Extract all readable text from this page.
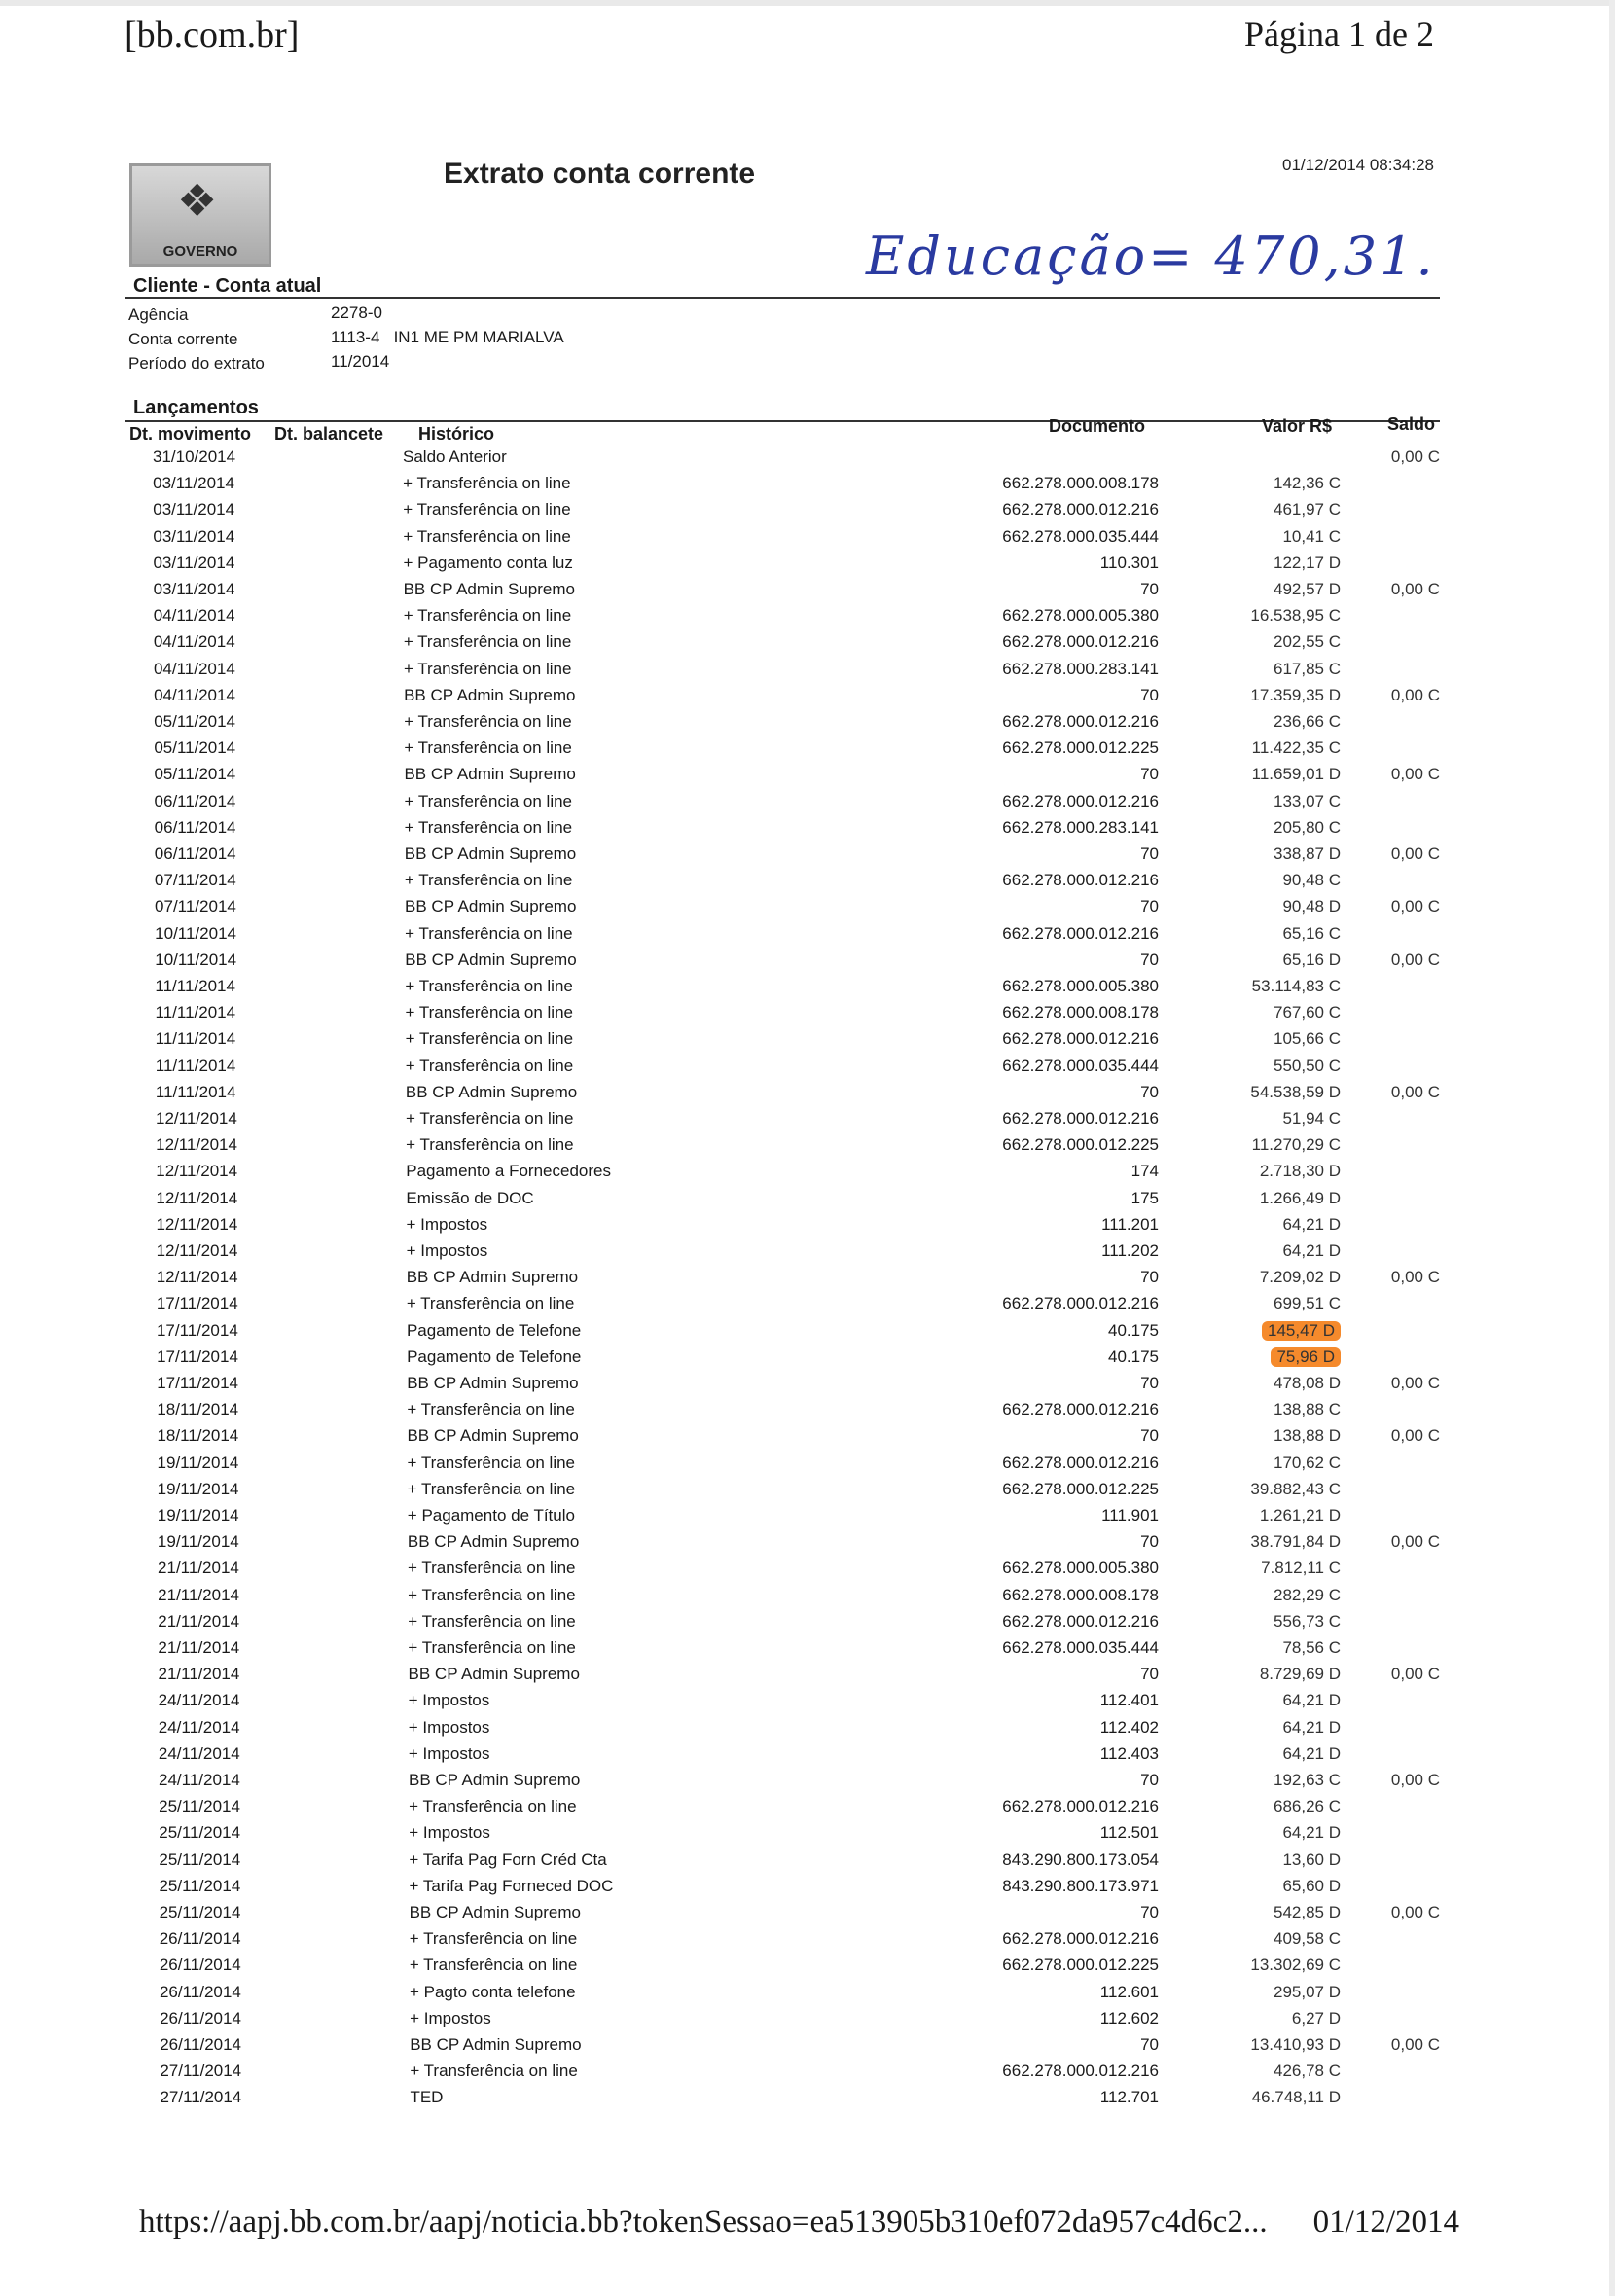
[bb.com.br]	Página 1 de 2
❖
GOVERNO
Extrato conta corrente	01/12/2014 08:34:28
Educação= 470,31.
Cliente - Conta atual
Agência	2278-0
Conta corrente	1113-4   IN1 ME PM MARIALVA
Período do extrato	11/2014
Lançamentos
Dt. movimento Dt. balancete Histórico	Documento	Valor R$	Saldo
31/10/2014	Saldo Anterior	0,00 C
03/11/2014	+ Transferência on line	662.278.000.008.178	142,36 C
03/11/2014	+ Transferência on line	662.278.000.012.216	461,97 C
03/11/2014	+ Transferência on line	662.278.000.035.444	10,41 C
03/11/2014	+ Pagamento conta luz	110.301	122,17 D
03/11/2014	BB CP Admin Supremo	70	492,57 D	0,00 C
04/11/2014	+ Transferência on line	662.278.000.005.380	16.538,95 C
04/11/2014	+ Transferência on line	662.278.000.012.216	202,55 C
04/11/2014	+ Transferência on line	662.278.000.283.141	617,85 C
04/11/2014	BB CP Admin Supremo	70	17.359,35 D	0,00 C
05/11/2014	+ Transferência on line	662.278.000.012.216	236,66 C
05/11/2014	+ Transferência on line	662.278.000.012.225	11.422,35 C
05/11/2014	BB CP Admin Supremo	70	11.659,01 D	0,00 C
06/11/2014	+ Transferência on line	662.278.000.012.216	133,07 C
06/11/2014	+ Transferência on line	662.278.000.283.141	205,80 C
06/11/2014	BB CP Admin Supremo	70	338,87 D	0,00 C
07/11/2014	+ Transferência on line	662.278.000.012.216	90,48 C
07/11/2014	BB CP Admin Supremo	70	90,48 D	0,00 C
10/11/2014	+ Transferência on line	662.278.000.012.216	65,16 C
10/11/2014	BB CP Admin Supremo	70	65,16 D	0,00 C
11/11/2014	+ Transferência on line	662.278.000.005.380	53.114,83 C
11/11/2014	+ Transferência on line	662.278.000.008.178	767,60 C
11/11/2014	+ Transferência on line	662.278.000.012.216	105,66 C
11/11/2014	+ Transferência on line	662.278.000.035.444	550,50 C
11/11/2014	BB CP Admin Supremo	70	54.538,59 D	0,00 C
12/11/2014	+ Transferência on line	662.278.000.012.216	51,94 C
12/11/2014	+ Transferência on line	662.278.000.012.225	11.270,29 C
12/11/2014	Pagamento a Fornecedores	174	2.718,30 D
12/11/2014	Emissão de DOC	175	1.266,49 D
12/11/2014	+ Impostos	111.201	64,21 D
12/11/2014	+ Impostos	111.202	64,21 D
12/11/2014	BB CP Admin Supremo	70	7.209,02 D	0,00 C
17/11/2014	+ Transferência on line	662.278.000.012.216	699,51 C
17/11/2014	Pagamento de Telefone	40.175	145,47 D
17/11/2014	Pagamento de Telefone	40.175	75,96 D
17/11/2014	BB CP Admin Supremo	70	478,08 D	0,00 C
18/11/2014	+ Transferência on line	662.278.000.012.216	138,88 C
18/11/2014	BB CP Admin Supremo	70	138,88 D	0,00 C
19/11/2014	+ Transferência on line	662.278.000.012.216	170,62 C
19/11/2014	+ Transferência on line	662.278.000.012.225	39.882,43 C
19/11/2014	+ Pagamento de Título	111.901	1.261,21 D
19/11/2014	BB CP Admin Supremo	70	38.791,84 D	0,00 C
21/11/2014	+ Transferência on line	662.278.000.005.380	7.812,11 C
21/11/2014	+ Transferência on line	662.278.000.008.178	282,29 C
21/11/2014	+ Transferência on line	662.278.000.012.216	556,73 C
21/11/2014	+ Transferência on line	662.278.000.035.444	78,56 C
21/11/2014	BB CP Admin Supremo	70	8.729,69 D	0,00 C
24/11/2014	+ Impostos	112.401	64,21 D
24/11/2014	+ Impostos	112.402	64,21 D
24/11/2014	+ Impostos	112.403	64,21 D
24/11/2014	BB CP Admin Supremo	70	192,63 C	0,00 C
25/11/2014	+ Transferência on line	662.278.000.012.216	686,26 C
25/11/2014	+ Impostos	112.501	64,21 D
25/11/2014	+ Tarifa Pag Forn Créd Cta	843.290.800.173.054	13,60 D
25/11/2014	+ Tarifa Pag Forneced DOC	843.290.800.173.971	65,60 D
25/11/2014	BB CP Admin Supremo	70	542,85 D	0,00 C
26/11/2014	+ Transferência on line	662.278.000.012.216	409,58 C
26/11/2014	+ Transferência on line	662.278.000.012.225	13.302,69 C
26/11/2014	+ Pagto conta telefone	112.601	295,07 D
26/11/2014	+ Impostos	112.602	6,27 D
26/11/2014	BB CP Admin Supremo	70	13.410,93 D	0,00 C
27/11/2014	+ Transferência on line	662.278.000.012.216	426,78 C
27/11/2014	TED	112.701	46.748,11 D
https://aapj.bb.com.br/aapj/noticia.bb?tokenSessao=ea513905b310ef072da957c4d6c2... 01/12/2014
